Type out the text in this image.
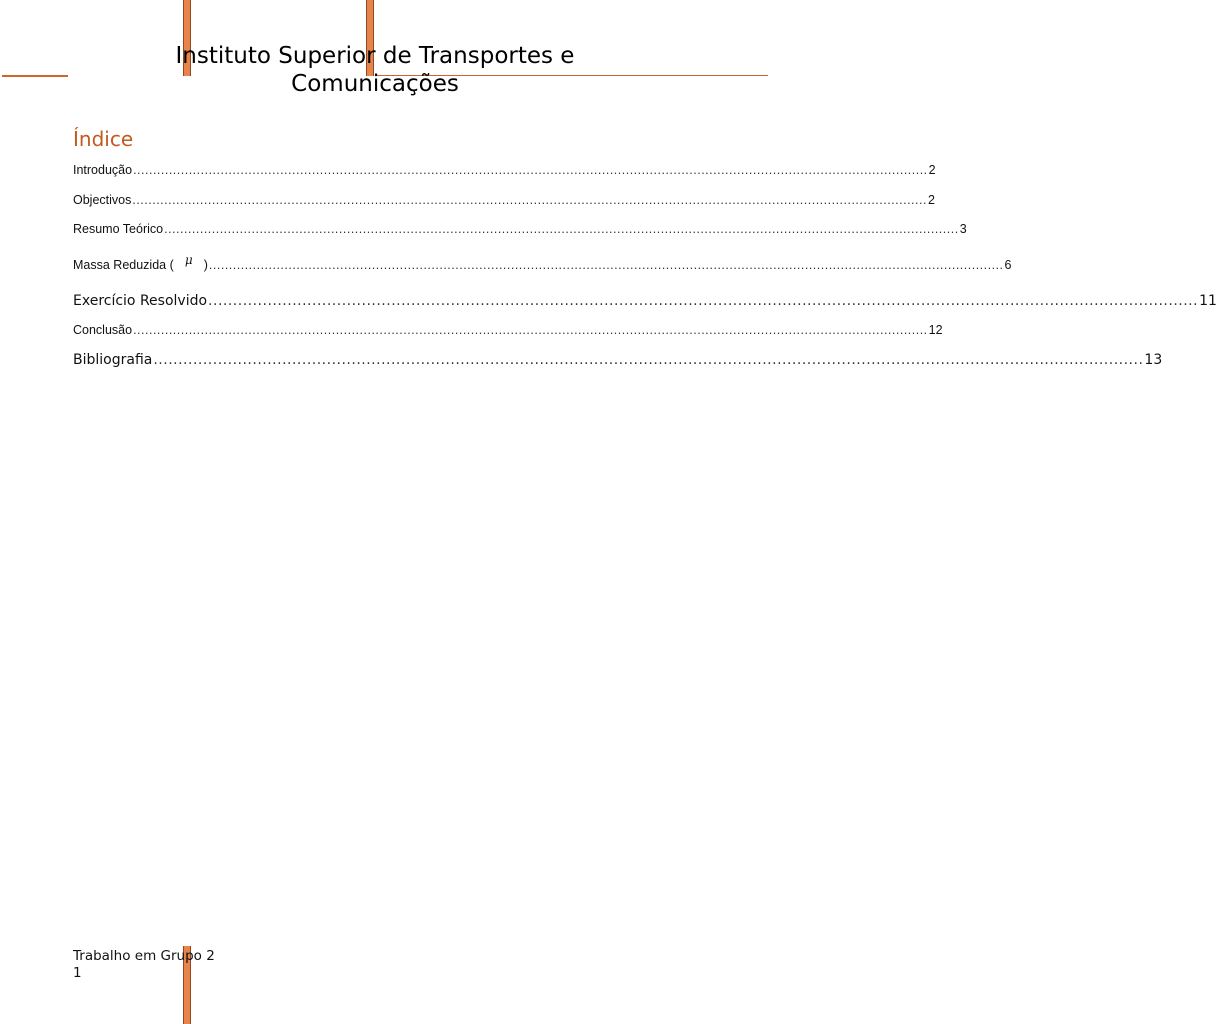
Instituto Superior de Transportes e
Comunicações
Índice
Introdução ........................................................................................................................................................................................................ 2
Objectivos ........................................................................................................................................................................................................ 2
Resumo Teórico ........................................................................................................................................................................................................ 3
Massa Reduzida ( μ ) ........................................................................................................................................................................................................ 6
Exercício Resolvido ........................................................................................................................................................................................................ 11
Conclusão ........................................................................................................................................................................................................ 12
Bibliografia ........................................................................................................................................................................................................ 13
Trabalho em Grupo 2
1
